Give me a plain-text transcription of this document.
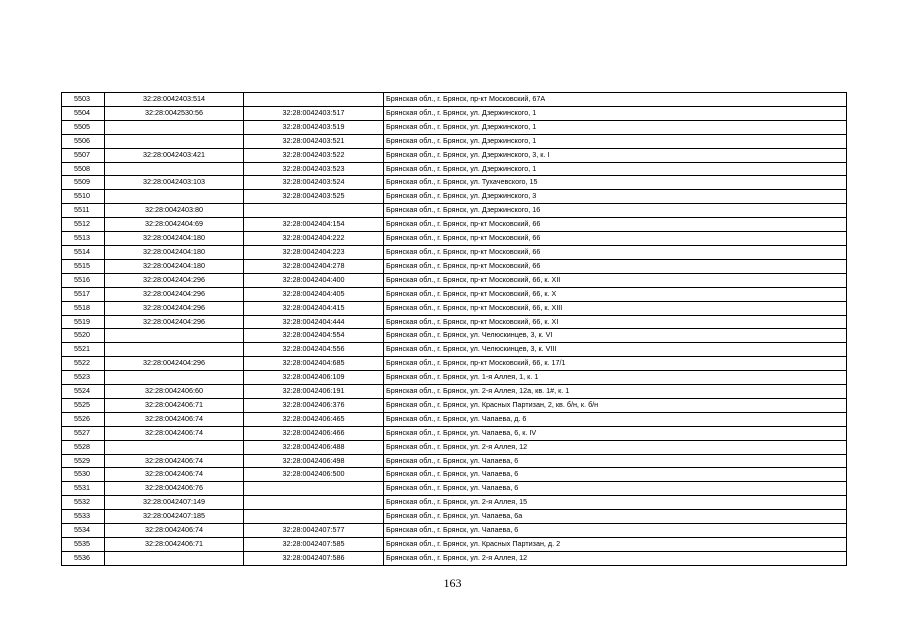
5503	32:28:0042403:514		Брянская обл., г. Брянск, пр-кт Московский, 67А
5504	32:28:0042530:56	32:28:0042403:517	Брянская обл., г. Брянск, ул. Дзержинского, 1
5505		32:28:0042403:519	Брянская обл., г. Брянск, ул. Дзержинского, 1
5506		32:28:0042403:521	Брянская обл., г. Брянск, ул. Дзержинского, 1
5507	32:28:0042403:421	32:28:0042403:522	Брянская обл., г. Брянск, ул. Дзержинского, 3, к. I
5508		32:28:0042403:523	Брянская обл., г. Брянск, ул. Дзержинского, 1
5509	32:28:0042403:103	32:28:0042403:524	Брянская обл., г. Брянск, ул. Тухачевского, 15
5510		32:28:0042403:525	Брянская обл., г. Брянск, ул. Дзержинского, 3
5511	32:28:0042403:80		Брянская обл., г. Брянск, ул. Дзержинского, 16
5512	32:28:0042404:69	32:28:0042404:154	Брянская обл., г. Брянск, пр-кт Московский, 66
5513	32:28:0042404:180	32:28:0042404:222	Брянская обл., г. Брянск, пр-кт Московский, 66
5514	32:28:0042404:180	32:28:0042404:223	Брянская обл., г. Брянск, пр-кт Московский, 66
5515	32:28:0042404:180	32:28:0042404:278	Брянская обл., г. Брянск, пр-кт Московский, 66
5516	32:28:0042404:296	32:28:0042404:400	Брянская обл., г. Брянск, пр-кт Московский, 66, к. XII
5517	32:28:0042404:296	32:28:0042404:405	Брянская обл., г. Брянск, пр-кт Московский, 66, к. X
5518	32:28:0042404:296	32:28:0042404:415	Брянская обл., г. Брянск, пр-кт Московский, 66, к. XIII
5519	32:28:0042404:296	32:28:0042404:444	Брянская обл., г. Брянск, пр-кт Московский, 66, к. XI
5520		32:28:0042404:554	Брянская обл., г. Брянск, ул. Челюскинцев, 3, к. VI
5521		32:28:0042404:556	Брянская обл., г. Брянск, ул. Челюскинцев, 3, к. VIII
5522	32:28:0042404:296	32:28:0042404:685	Брянская обл., г. Брянск, пр-кт Московский, 66, к. 17/1
5523		32:28:0042406:109	Брянская обл., г. Брянск, ул. 1-я Аллея, 1, к. 1
5524	32:28:0042406:60	32:28:0042406:191	Брянская обл., г. Брянск, ул. 2-я Аллея, 12а, кв. 1#, к. 1
5525	32:28:0042406:71	32:28:0042406:376	Брянская обл., г. Брянск, ул. Красных Партизан, 2, кв. б/н, к. б/н
5526	32:28:0042406:74	32:28:0042406:465	Брянская обл., г. Брянск, ул. Чапаева, д. 6
5527	32:28:0042406:74	32:28:0042406:466	Брянская обл., г. Брянск, ул. Чапаева, 6, к. IV
5528		32:28:0042406:488	Брянская обл., г. Брянск, ул. 2-я Аллея, 12
5529	32:28:0042406:74	32:28:0042406:498	Брянская обл., г. Брянск, ул. Чапаева, 6
5530	32:28:0042406:74	32:28:0042406:500	Брянская обл., г. Брянск, ул. Чапаева, 6
5531	32:28:0042406:76		Брянская обл., г. Брянск, ул. Чапаева, 6
5532	32:28:0042407:149		Брянская обл., г. Брянск, ул. 2-я Аллея, 15
5533	32:28:0042407:185		Брянская обл., г. Брянск, ул. Чапаева, 6а
5534	32:28:0042406:74	32:28:0042407:577	Брянская обл., г. Брянск, ул. Чапаева, 6
5535	32:28:0042406:71	32:28:0042407:585	Брянская обл., г. Брянск, ул. Красных Партизан, д. 2
5536		32:28:0042407:586	Брянская обл., г. Брянск, ул. 2-я Аллея, 12
163
